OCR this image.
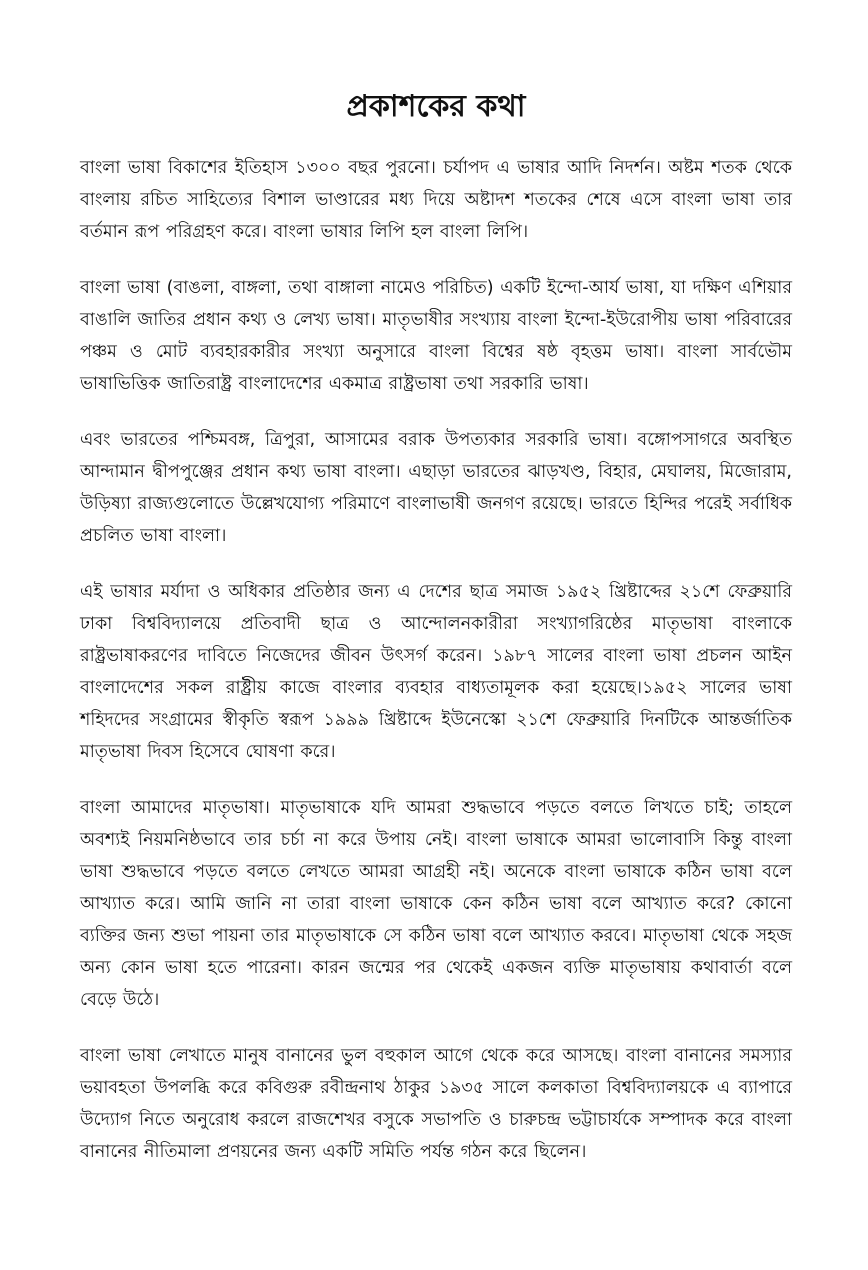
প্রকাশকের কথা

বাংলা ভাষা বিকাশের ইতিহাস ১৩০০ বছর পুরনো। চর্যাপদ এ ভাষার আদি নিদর্শন। অষ্টম শতক থেকে বাংলায় রচিত সাহিত্যের বিশাল ভাণ্ডারের মধ্য দিয়ে অষ্টাদশ শতকের শেষে এসে বাংলা ভাষা তার বর্তমান রূপ পরিগ্রহণ করে। বাংলা ভাষার লিপি হল বাংলা লিপি।

বাংলা ভাষা (বাঙলা, বাঙ্গলা, তথা বাঙ্গালা নামেও পরিচিত) একটি ইন্দো-আর্য ভাষা, যা দক্ষিণ এশিয়ার বাঙালি জাতির প্রধান কথ্য ও লেখ্য ভাষা। মাতৃভাষীর সংখ্যায় বাংলা ইন্দো-ইউরোপীয় ভাষা পরিবারের পঞ্চম ও মোট ব্যবহারকারীর সংখ্যা অনুসারে বাংলা বিশ্বের ষষ্ঠ বৃহত্তম ভাষা। বাংলা সার্বভৌম ভাষাভিত্তিক জাতিরাষ্ট্র বাংলাদেশের একমাত্র রাষ্ট্রভাষা তথা সরকারি ভাষা।

এবং ভারতের পশ্চিমবঙ্গ, ত্রিপুরা, আসামের বরাক উপত্যকার সরকারি ভাষা। বঙ্গোপসাগরে অবস্থিত আন্দামান দ্বীপপুঞ্জের প্রধান কথ্য ভাষা বাংলা। এছাড়া ভারতের ঝাড়খণ্ড, বিহার, মেঘালয়, মিজোরাম, উড়িষ্যা রাজ্যগুলোতে উল্লেখযোগ্য পরিমাণে বাংলাভাষী জনগণ রয়েছে। ভারতে হিন্দির পরেই সর্বাধিক প্রচলিত ভাষা বাংলা।

এই ভাষার মর্যাদা ও অধিকার প্রতিষ্ঠার জন্য এ দেশের ছাত্র সমাজ ১৯৫২ খ্রিষ্টাব্দের ২১শে ফেব্রুয়ারি ঢাকা বিশ্ববিদ্যালয়ে প্রতিবাদী ছাত্র ও আন্দোলনকারীরা সংখ্যাগরিষ্ঠের মাতৃভাষা বাংলাকে রাষ্ট্রভাষাকরণের দাবিতে নিজেদের জীবন উৎসর্গ করেন। ১৯৮৭ সালের বাংলা ভাষা প্রচলন আইন বাংলাদেশের সকল রাষ্ট্রীয় কাজে বাংলার ব্যবহার বাধ্যতামূলক করা হয়েছে।১৯৫২ সালের ভাষা শহিদদের সংগ্রামের স্বীকৃতি স্বরূপ ১৯৯৯ খ্রিষ্টাব্দে ইউনেস্কো ২১শে ফেব্রুয়ারি দিনটিকে আন্তর্জাতিক মাতৃভাষা দিবস হিসেবে ঘোষণা করে।

বাংলা আমাদের মাতৃভাষা। মাতৃভাষাকে যদি আমরা শুদ্ধভাবে পড়তে বলতে লিখতে চাই; তাহলে অবশ্যই নিয়মনিষ্ঠভাবে তার চর্চা না করে উপায় নেই। বাংলা ভাষাকে আমরা ভালোবাসি কিন্তু বাংলা ভাষা শুদ্ধভাবে পড়তে বলতে লেখতে আমরা আগ্রহী নই। অনেকে বাংলা ভাষাকে কঠিন ভাষা বলে আখ্যাত করে। আমি জানি না তারা বাংলা ভাষাকে কেন কঠিন ভাষা বলে আখ্যাত করে? কোনো ব্যক্তির জন্য শুভা পায়না তার মাতৃভাষাকে সে কঠিন ভাষা বলে আখ্যাত করবে। মাতৃভাষা থেকে সহজ অন্য কোন ভাষা হতে পারেনা। কারন জন্মের পর থেকেই একজন ব্যক্তি মাতৃভাষায় কথাবার্তা বলে বেড়ে উঠে।

বাংলা ভাষা লেখাতে মানুষ বানানের ভুল বহুকাল আগে থেকে করে আসছে। বাংলা বানানের সমস্যার ভয়াবহতা উপলব্ধি করে কবিগুরু রবীন্দ্রনাথ ঠাকুর ১৯৩৫ সালে কলকাতা বিশ্ববিদ্যালয়কে এ ব্যাপারে উদ্যোগ নিতে অনুরোধ করলে রাজশেখর বসুকে সভাপতি ও চারুচন্দ্র ভট্টাচার্যকে সম্পাদক করে বাংলা বানানের নীতিমালা প্রণয়নের জন্য একটি সমিতি পর্যন্ত গঠন করে ছিলেন।
